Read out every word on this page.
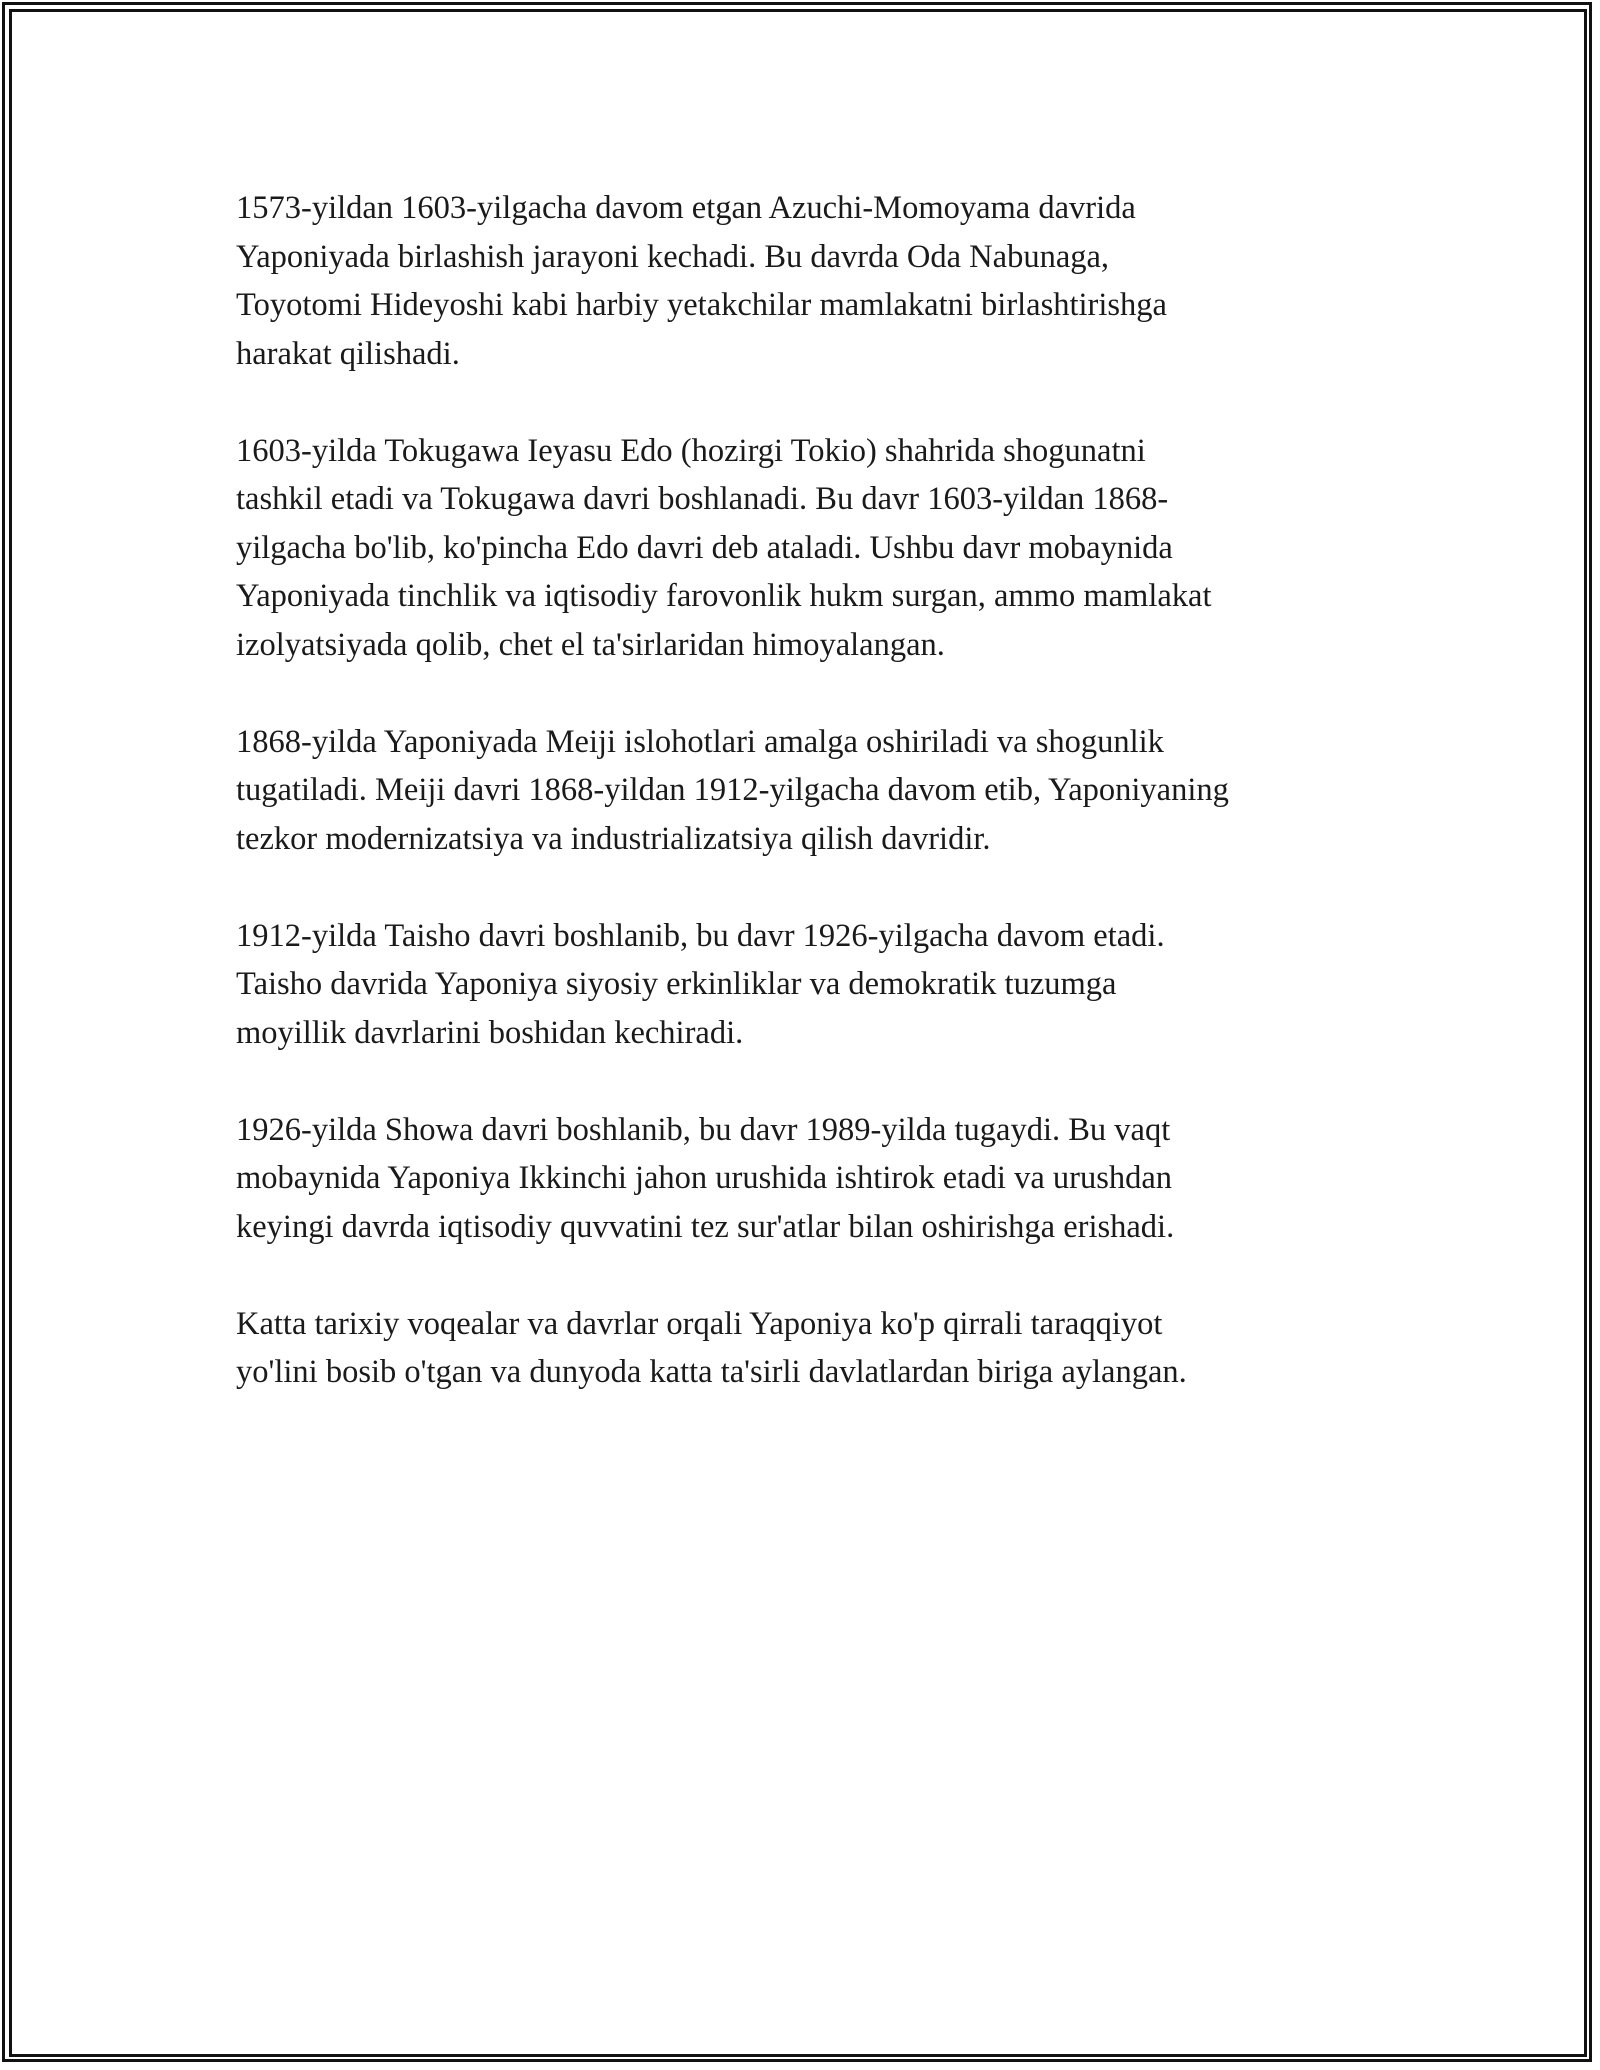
1573-yildan 1603-yilgacha davom etgan Azuchi-Momoyama davrida
Yaponiyada birlashish jarayoni kechadi. Bu davrda Oda Nabunaga,
Toyotomi Hideyoshi kabi harbiy yetakchilar mamlakatni birlashtirishga
harakat qilishadi.

1603-yilda Tokugawa Ieyasu Edo (hozirgi Tokio) shahrida shogunatni
tashkil etadi va Tokugawa davri boshlanadi. Bu davr 1603-yildan 1868-
yilgacha bo'lib, ko'pincha Edo davri deb ataladi. Ushbu davr mobaynida
Yaponiyada tinchlik va iqtisodiy farovonlik hukm surgan, ammo mamlakat
izolyatsiyada qolib, chet el ta'sirlaridan himoyalangan.

1868-yilda Yaponiyada Meiji islohotlari amalga oshiriladi va shogunlik
tugatiladi. Meiji davri 1868-yildan 1912-yilgacha davom etib, Yaponiyaning
tezkor modernizatsiya va industrializatsiya qilish davridir.

1912-yilda Taisho davri boshlanib, bu davr 1926-yilgacha davom etadi.
Taisho davrida Yaponiya siyosiy erkinliklar va demokratik tuzumga
moyillik davrlarini boshidan kechiradi.

1926-yilda Showa davri boshlanib, bu davr 1989-yilda tugaydi. Bu vaqt
mobaynida Yaponiya Ikkinchi jahon urushida ishtirok etadi va urushdan
keyingi davrda iqtisodiy quvvatini tez sur'atlar bilan oshirishga erishadi.

Katta tarixiy voqealar va davrlar orqali Yaponiya ko'p qirrali taraqqiyot
yo'lini bosib o'tgan va dunyoda katta ta'sirli davlatlardan biriga aylangan.
